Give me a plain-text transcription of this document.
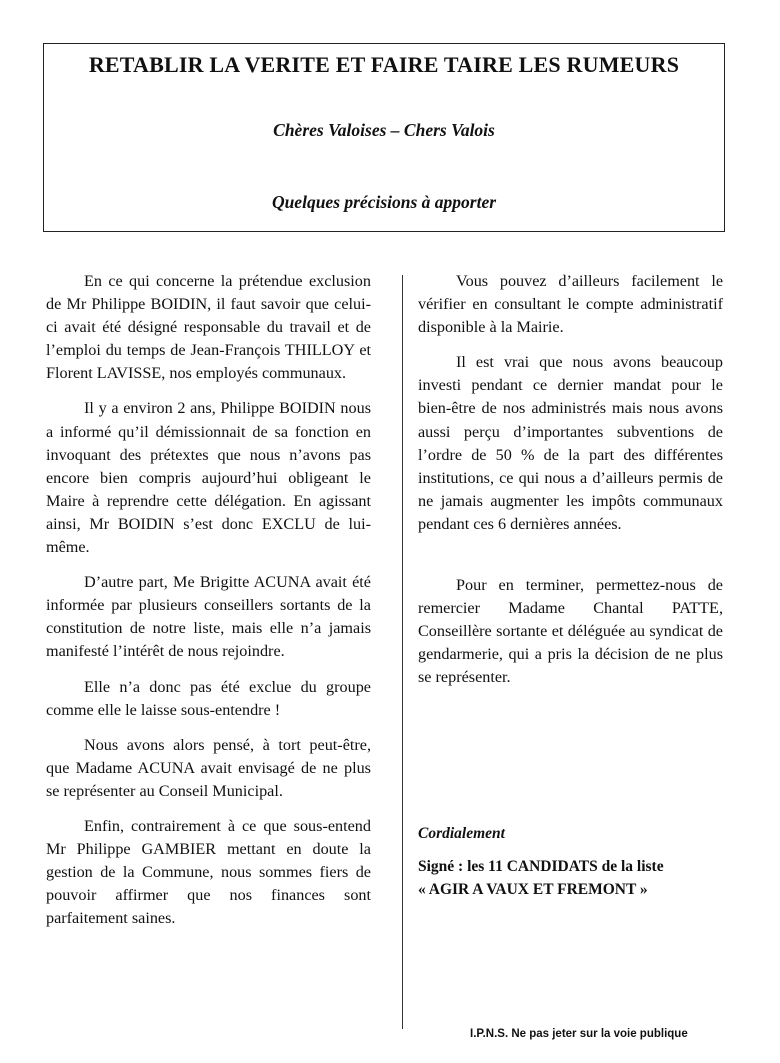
RETABLIR LA VERITE ET FAIRE TAIRE LES RUMEURS
Chères Valoises – Chers Valois
Quelques précisions à apporter

En ce qui concerne la prétendue exclusion de Mr Philippe BOIDIN, il faut savoir que celui-ci avait été désigné responsable du travail et de l’emploi du temps de Jean-François THILLOY et Florent LAVISSE, nos employés communaux.

Il y a environ 2 ans, Philippe BOIDIN nous a informé qu’il démissionnait de sa fonction en invoquant des prétextes que nous n’avons pas encore bien compris aujourd’hui obligeant le Maire à reprendre cette délégation. En agissant ainsi, Mr BOIDIN s’est donc EXCLU de lui-même.

D’autre part, Me Brigitte ACUNA avait été informée par plusieurs conseillers sortants de la constitution de notre liste, mais elle n’a jamais manifesté l’intérêt de nous rejoindre.

Elle n’a donc pas été exclue du groupe comme elle le laisse sous-entendre !

Nous avons alors pensé, à tort peut-être, que Madame ACUNA avait envisagé de ne plus se représenter au Conseil Municipal.

Enfin, contrairement à ce que sous-entend Mr Philippe GAMBIER mettant en doute la gestion de la Commune, nous sommes fiers de pouvoir affirmer que nos finances sont parfaitement saines.

Vous pouvez d’ailleurs facilement le vérifier en consultant le compte administratif disponible à la Mairie.

Il est vrai que nous avons beaucoup investi pendant ce dernier mandat pour le bien-être de nos administrés mais nous avons aussi perçu d’importantes subventions de l’ordre de 50 % de la part des différentes institutions, ce qui nous a d’ailleurs permis de ne jamais augmenter les impôts communaux pendant ces 6 dernières années.

Pour en terminer, permettez-nous de remercier Madame Chantal PATTE, Conseillère sortante et déléguée au syndicat de gendarmerie, qui a pris la décision de ne plus se représenter.

Cordialement
Signé : les 11 CANDIDATS de la liste
« AGIR A VAUX ET FREMONT »
I.P.N.S. Ne pas jeter sur la voie publique
